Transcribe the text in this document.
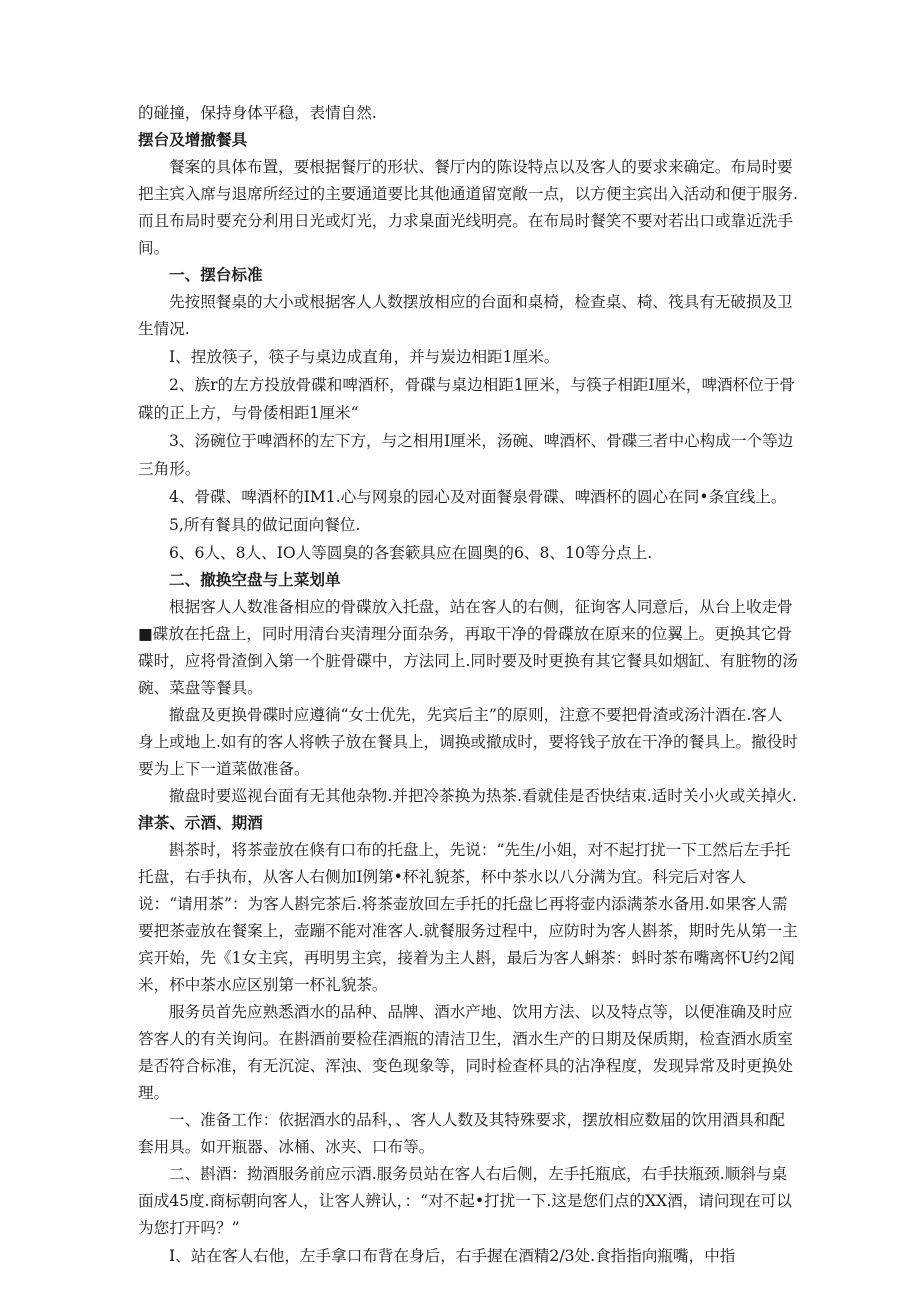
的碰撞，保持身体平稳，表情自然.

摆台及增撤餐具

餐案的具体布置，要根据餐厅的形状、餐厅内的陈设特点以及客人的要求来确定。布局时要把主宾入席与退席所经过的主要通道要比其他通道留宽敞一点，以方便主宾出入活动和便于服务.而且布局时要充分利用日光或灯光，力求臬面光线明亮。在布局时餐笑不要对若出口或靠近洗手间。

一、摆台标准

先按照餐桌的大小或根据客人人数摆放相应的台面和桌椅，检查桌、椅、筏具有无破损及卫生情况.

I、捏放筷子，筷子与桌边成直角，并与炭边相距1厘米。

2、族r的左方投放骨碟和啤酒杯，骨碟与桌边相距1匣米，与筷子相距I厘米，啤酒杯位于骨碟的正上方，与骨倭相距1厘米“

3、汤碗位于啤酒杯的左下方，与之相用I厘米，汤碗、啤酒杯、骨碟三者中心构成一个等边三角形。

4、骨碟、啤酒杯的IM1.心与网泉的园心及对面餐泉骨碟、啤酒杯的圆心在同•条宜线上。

5,所有餐具的做记面向餐位.

6、6人、8人、IO人等圆臭的各套簌具应在圆奥的6、8、10等分点上.

二、撤换空盘与上菜划单

根据客人人数准备相应的骨碟放入托盘，站在客人的右侧，征询客人同意后，从台上收走骨■碟放在托盘上，同时用清台夹清理分面杂务，再取干净的骨碟放在原来的位翼上。更换其它骨碟时，应将骨渣倒入第一个脏骨碟中，方法同上.同时要及时更换有其它餐具如烟缸、有脏物的汤碗、菜盘等餐具。

撤盘及更换骨碟时应遵徜“女士优先，先宾后主”的原则，注意不要把骨渣或汤汁酒在.客人身上或地上.如有的客人将帙子放在餐具上，调换或撤成时，要将钱子放在干净的餐具上。撤役时要为上下一道菜做准备。

撤盘时要巡视台面有无其他杂物.并把冷茶换为热茶.看就佳是否快结束.适时关小火或关掉火.

津茶、示酒、期酒

斟茶时，将茶壶放在倏有口布的托盘上，先说：“先生/小姐，对不起打扰一下工然后左手托托盘，右手执布，从客人右侧加I例第•杯礼貌茶，杯中茶水以八分满为宜。科完后对客人说：“请用茶”：为客人斟完茶后.将茶壶放回左手托的托盘匕再将壶内添满茶水备用.如果客人需要把茶壶放在餐案上，壶蹦不能对准客人.就餐服务过程中，应防时为客人斟茶，期时先从第一主宾开始，先《1女主宾，再明男主宾，接着为主人斟，最后为客人蝌茶：蚪时茶布嘴离怀U约2闻米，杯中茶水应区别第一杯礼貌茶。

服务员首先应熟悉酒水的品种、品牌、酒水产地、饮用方法、以及特点等，以便准确及时应答客人的有关询问。在斟酒前要检荏酒瓶的清洁卫生，酒水生产的日期及保质期，检查酒水质室是否符合标准，有无沉淀、浑浊、变色现象等，同时检查杯具的沾净程度，发现异常及时更换处理。

一、准备工作：依据酒水的品科，、客人人数及其特殊要求，摆放相应数届的饮用酒具和配套用具。如开瓶器、冰桶、冰夹、口布等。

二、斟酒：拗酒服务前应示酒.服务员站在客人右后侧，左手托瓶底，右手扶瓶颈.顺斜与桌面成45度.商标朝向客人，让客人辨认，：“对不起•打扰一下.这是您们点的XX酒，请问现在可以为您打开吗？”

I、站在客人右他，左手拿口布背在身后，右手握在酒精2/3处.食指指向瓶嘴，中指
